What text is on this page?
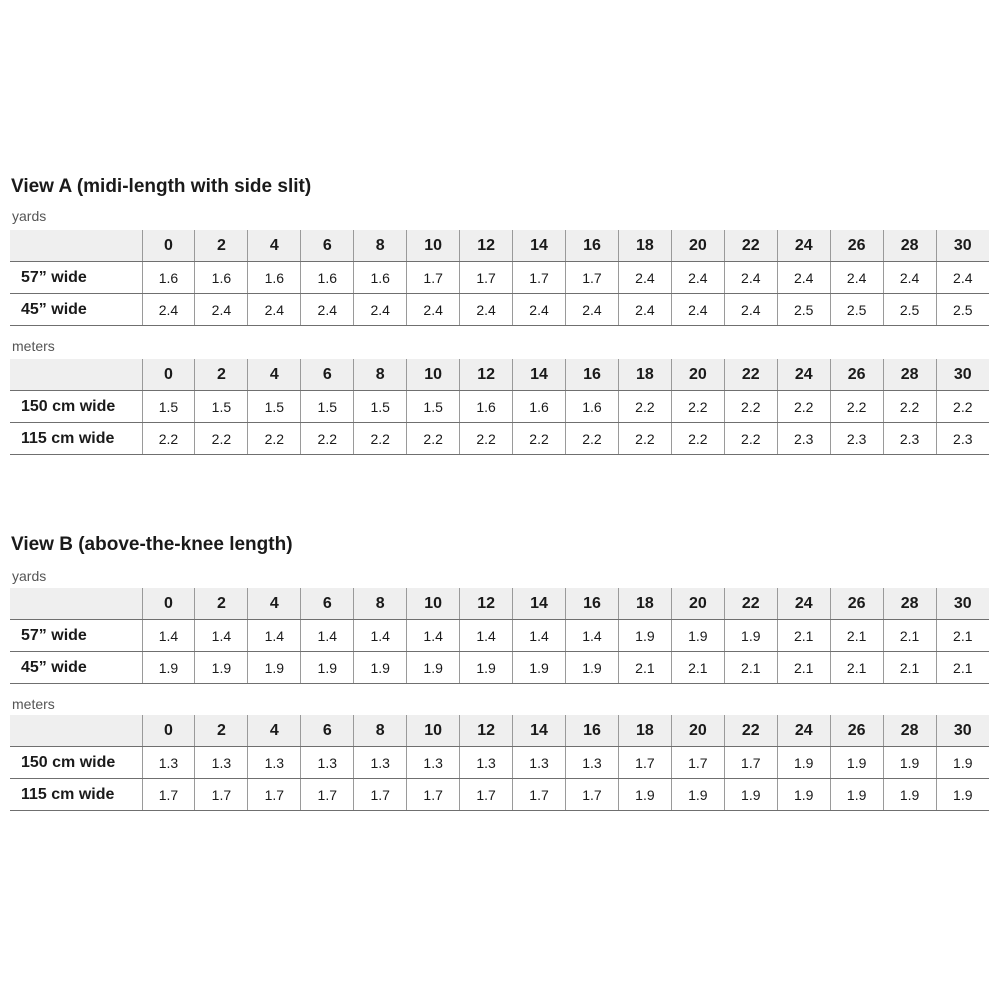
View A (midi-length with side slit)
yards
	0	2	4	6	8	10	12	14	16	18	20	22	24	26	28	30
57” wide	1.6	1.6	1.6	1.6	1.6	1.7	1.7	1.7	1.7	2.4	2.4	2.4	2.4	2.4	2.4	2.4
45” wide	2.4	2.4	2.4	2.4	2.4	2.4	2.4	2.4	2.4	2.4	2.4	2.4	2.5	2.5	2.5	2.5
meters
	0	2	4	6	8	10	12	14	16	18	20	22	24	26	28	30
150 cm wide	1.5	1.5	1.5	1.5	1.5	1.5	1.6	1.6	1.6	2.2	2.2	2.2	2.2	2.2	2.2	2.2
115 cm wide	2.2	2.2	2.2	2.2	2.2	2.2	2.2	2.2	2.2	2.2	2.2	2.2	2.3	2.3	2.3	2.3
View B (above-the-knee length)
yards
	0	2	4	6	8	10	12	14	16	18	20	22	24	26	28	30
57” wide	1.4	1.4	1.4	1.4	1.4	1.4	1.4	1.4	1.4	1.9	1.9	1.9	2.1	2.1	2.1	2.1
45” wide	1.9	1.9	1.9	1.9	1.9	1.9	1.9	1.9	1.9	2.1	2.1	2.1	2.1	2.1	2.1	2.1
meters
	0	2	4	6	8	10	12	14	16	18	20	22	24	26	28	30
150 cm wide	1.3	1.3	1.3	1.3	1.3	1.3	1.3	1.3	1.3	1.7	1.7	1.7	1.9	1.9	1.9	1.9
115 cm wide	1.7	1.7	1.7	1.7	1.7	1.7	1.7	1.7	1.7	1.9	1.9	1.9	1.9	1.9	1.9	1.9
